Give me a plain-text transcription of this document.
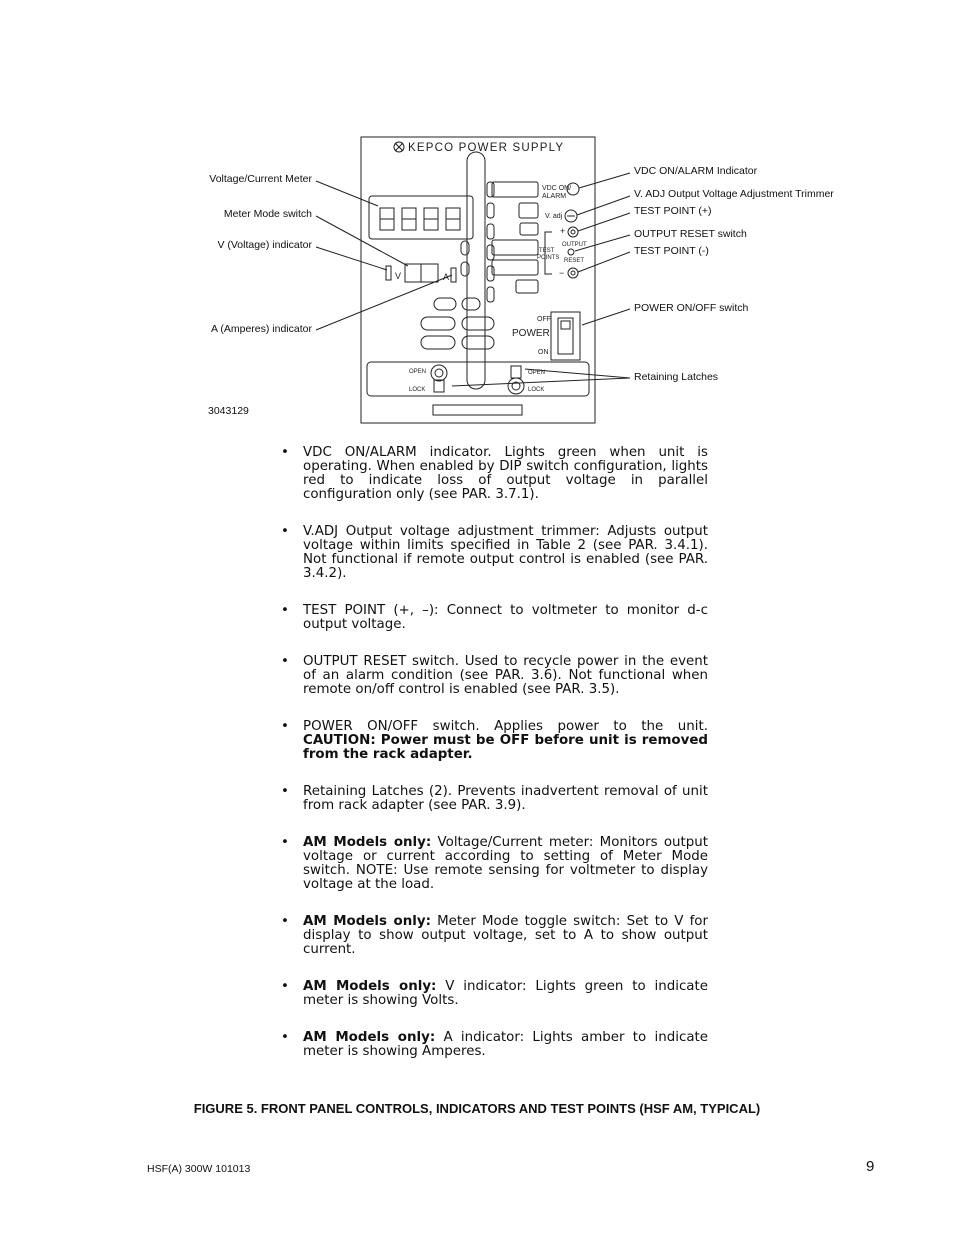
KEPCO POWER SUPPLY
VDC ON/
ALARM
V. adj
+
TEST
POINTS
OUTPUT
RESET
−
OFF
POWER
ON
OPEN
LOCK
OPEN
LOCK
V	A
Voltage/Current Meter
Meter Mode switch
V (Voltage) indicator
A (Amperes) indicator
3043129
VDC ON/ALARM Indicator
V. ADJ Output Voltage Adjustment Trimmer
TEST POINT (+)
OUTPUT RESET switch
TEST POINT (-)
POWER ON/OFF switch
Retaining Latches
• VDC ON/ALARM indicator. Lights green when unit is operating. When enabled by DIP switch configuration, lights red to indicate loss of output voltage in parallel configuration only (see PAR. 3.7.1).
• V.ADJ Output voltage adjustment trimmer: Adjusts output voltage within limits specified in Table 2 (see PAR. 3.4.1). Not functional if remote output control is enabled (see PAR. 3.4.2).
• TEST POINT (+, –): Connect to voltmeter to monitor d-c output voltage.
• OUTPUT RESET switch. Used to recycle power in the event of an alarm condition (see PAR. 3.6). Not functional when remote on/off control is enabled (see PAR. 3.5).
• POWER ON/OFF switch. Applies power to the unit. CAUTION: Power must be OFF before unit is removed from the rack adapter.
• Retaining Latches (2). Prevents inadvertent removal of unit from rack adapter (see PAR. 3.9).
• AM Models only: Voltage/Current meter: Monitors output voltage or current according to setting of Meter Mode switch. NOTE: Use remote sensing for voltmeter to display voltage at the load.
• AM Models only: Meter Mode toggle switch: Set to V for display to show output voltage, set to A to show output current.
• AM Models only: V indicator: Lights green to indicate meter is showing Volts.
• AM Models only: A indicator: Lights amber to indicate meter is showing Amperes.
FIGURE 5. FRONT PANEL CONTROLS, INDICATORS AND TEST POINTS (HSF AM, TYPICAL)
HSF(A) 300W 101013	9
